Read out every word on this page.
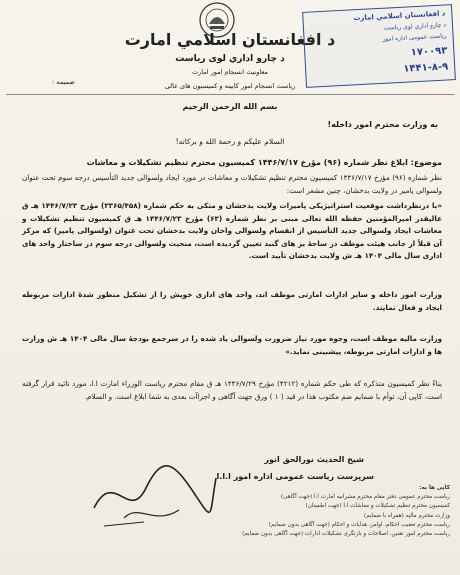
د افغانستان اسلامي امارت
د چارو اداري لوی ریاست
معاونیت انسجام امور امارت
ریاست انسجام امور کابینه و کمیسیون های عالی
ضمیمه :
د افغانستان اسلامي امارت
د چارو اداري لوی ریاست
ریاست عمومی اداره امور
۱۷۰۰۹۳
۱۴۴۱-۸-۹
بسم الله الرحمن الرحیم
به وزارت محترم امور داخله!
السلام علیکم و رحمة الله و برکاته!
موضوع: ابلاغ نظر شماره (۹۶) مؤرخ ۱۴۴۶/۷/۱۷ کمیسیون محترم تنظیم تشکیلات و معاشات
نظر شماره (۹۶) مؤرخ ۱۴۴۶/۷/۱۷ کمیسیون محترم تنظیم تشکیلات و معاشات در مورد ایجاد ولسوالی جدید التأسیس درجه سوم تحت عنوان ولسوالی پامیر در ولایت بدخشان، چنین مشعر است:
«با درنظرداشت موقعیت استراتیژیکی پامیرات ولایت بدخشان و متکی به حکم شماره (۳۳۶۵/۴۵۸) مؤرخ ۱۴۴۶/۷/۲۳ هـ ق عالیقدر امیرالمؤمنین حفظه الله تعالی مبنی بر نظر شماره (۶۳) مؤرخ ۱۴۴۶/۷/۲۳ هـ ق کمیسیون تنظیم تشکیلات و معاشات ایجاد ولسوالی جدید التأسیس از انقسام ولسوالی واخان ولایت بدخشان تحت عنوان (ولسوالی پامیر) که مرکز آن قبلاً از جانب هیئت موظف در ساحهٔ بز های گنبد تعیین گردیده است، منحیث ولسوالی درجه سوم در ساختار واحد های اداری سال مالی ۱۴۰۴ هـ ش ولایت بدخشان تأیید است.
وزارت امور داخله و سایر ادارات امارتی موظف اند، واحد های اداری خویش را از تشکیل منظور شدهٔ ادارات مربوطه ایجاد و فعال نمایند.
وزارت مالیه موظف است، وجوه مورد نیاز ضرورت ولسوالی یاد شده را در سرجمع بودجهٔ سال مالی ۱۴۰۴ هـ ش وزارت ها و ادارات امارتی مربوطه، پیشبینی نماید.»
بناءً نظر کمیسیون متذکره که طی حکم شماره (۴۲۱۲) مؤرخ ۱۴۴۶/۷/۲۹ هـ ق مقام محترم ریاست الوزراء امارت ا.ا، مورد تائید قرار گرفته است، کاپی آن، توأم با ضمایم ضم مکتوب هذا در قید ( ۱ ) ورق جهت آگاهی و اجراآت بعدی به شما ابلاغ است. و السلام.
شیخ الحدیث نورالحق انور
سرپرست ریاست عمومی اداره امور ا.ا.ا
کاپی ها به:
ریاست محترم عمومی دفتر مقام محترم مشرانیه امارت ا.ا (جهت آگاهی)
کمیسیون محترم تنظیم تشکیلات و معاشات ا.ا (جهت اطمینان)
وزارت محترم مالیه (همراه با ضمایم)
ریاست محترم تعقیب احکام، اوامر، هدایات و احکام (جهت آگاهی بدون ضمایم)
ریاست محترم امور تقنین، اصلاحات و بازنگری تشکیلات ادارات (جهت آگاهی بدون ضمایم)
